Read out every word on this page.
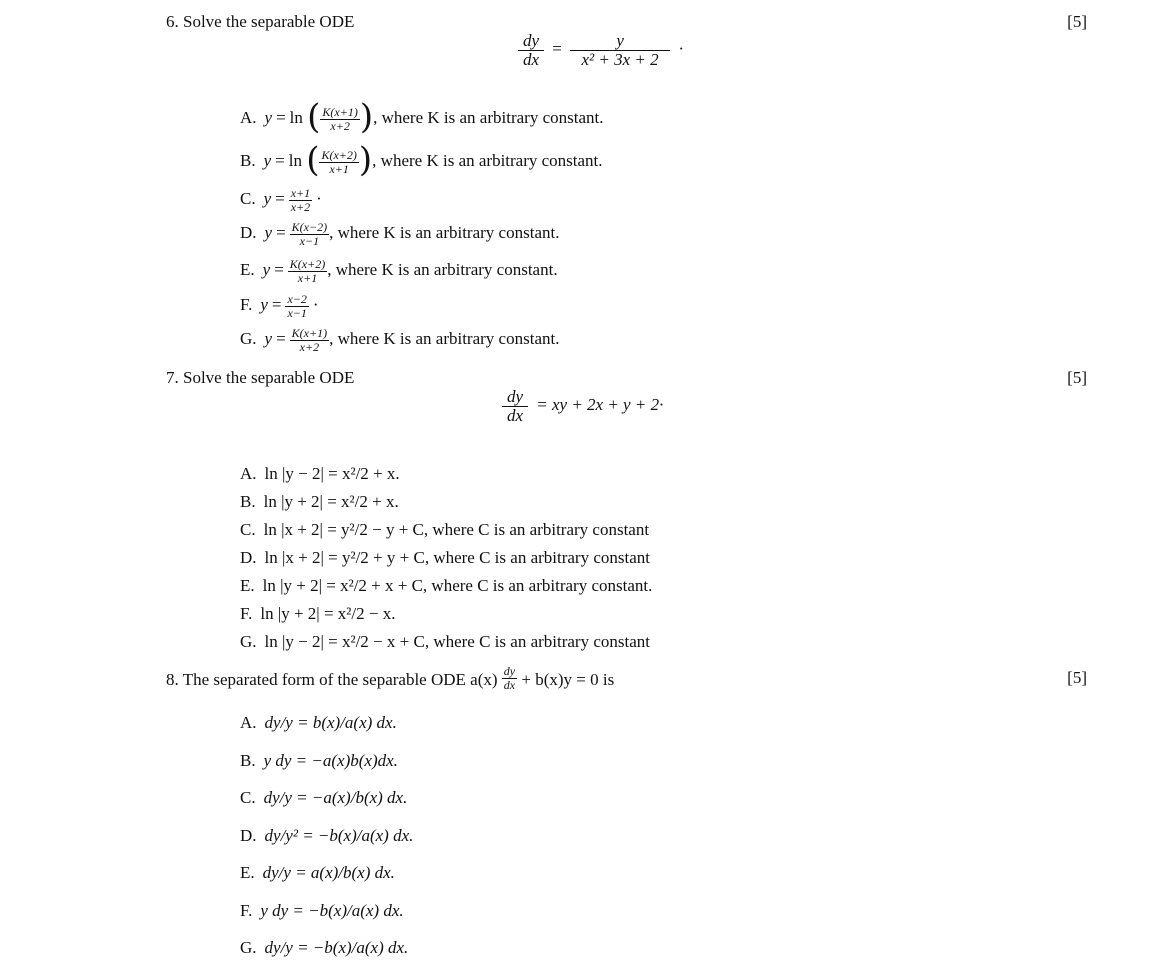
6. Solve the separable ODE	[5]
$\frac{dy}{dx} = \frac{y}{\text{x² + 3x + 2}}$ ·
A. y = ln ( $\frac{K(x+1)}{x+2}$ ), where K is an arbitrary constant.
B. y = ln ( $\frac{K(x+2)}{x+1}$ ), where K is an arbitrary constant.
C. $y = \frac{x+1}{x+2}$ ·
D. $y = \frac{K(x-2)}{x-1}$ , where K is an arbitrary constant.
E. $y = \frac{K(x+2)}{x+1}$ , where K is an arbitrary constant.
F. $y = \frac{x-2}{x-1}$ ·
G. $y = \frac{K(x+1)}{x+2}$ , where K is an arbitrary constant.
7. Solve the separable ODE	[5]
$\frac{dy}{dx}$ = xy + 2x + y + 2·
A. ln |y − 2| = x²/2 + x.
B. ln |y + 2| = x²/2 + x.
C. ln |x + 2| = y²/2 − y + C, where C is an arbitrary constant
D. ln |x + 2| = y²/2 + y + C, where C is an arbitrary constant
E. ln |y + 2| = x²/2 + x + C, where C is an arbitrary constant.
F. ln |y + 2| = x²/2 − x.
G. ln |y − 2| = x²/2 − x + C, where C is an arbitrary constant
8. The separated form of the separable ODE $a(x) \frac{dy}{dx} + b(x)y = 0$ is	[5]
A. dy/y = b(x)/a(x) dx.
B. y dy = −a(x)b(x)dx.
C. dy/y = −a(x)/b(x) dx.
D. dy/y² = −b(x)/a(x) dx.
E. dy/y = a(x)/b(x) dx.
F. y dy = −b(x)/a(x) dx.
G. dy/y = −b(x)/a(x) dx.
